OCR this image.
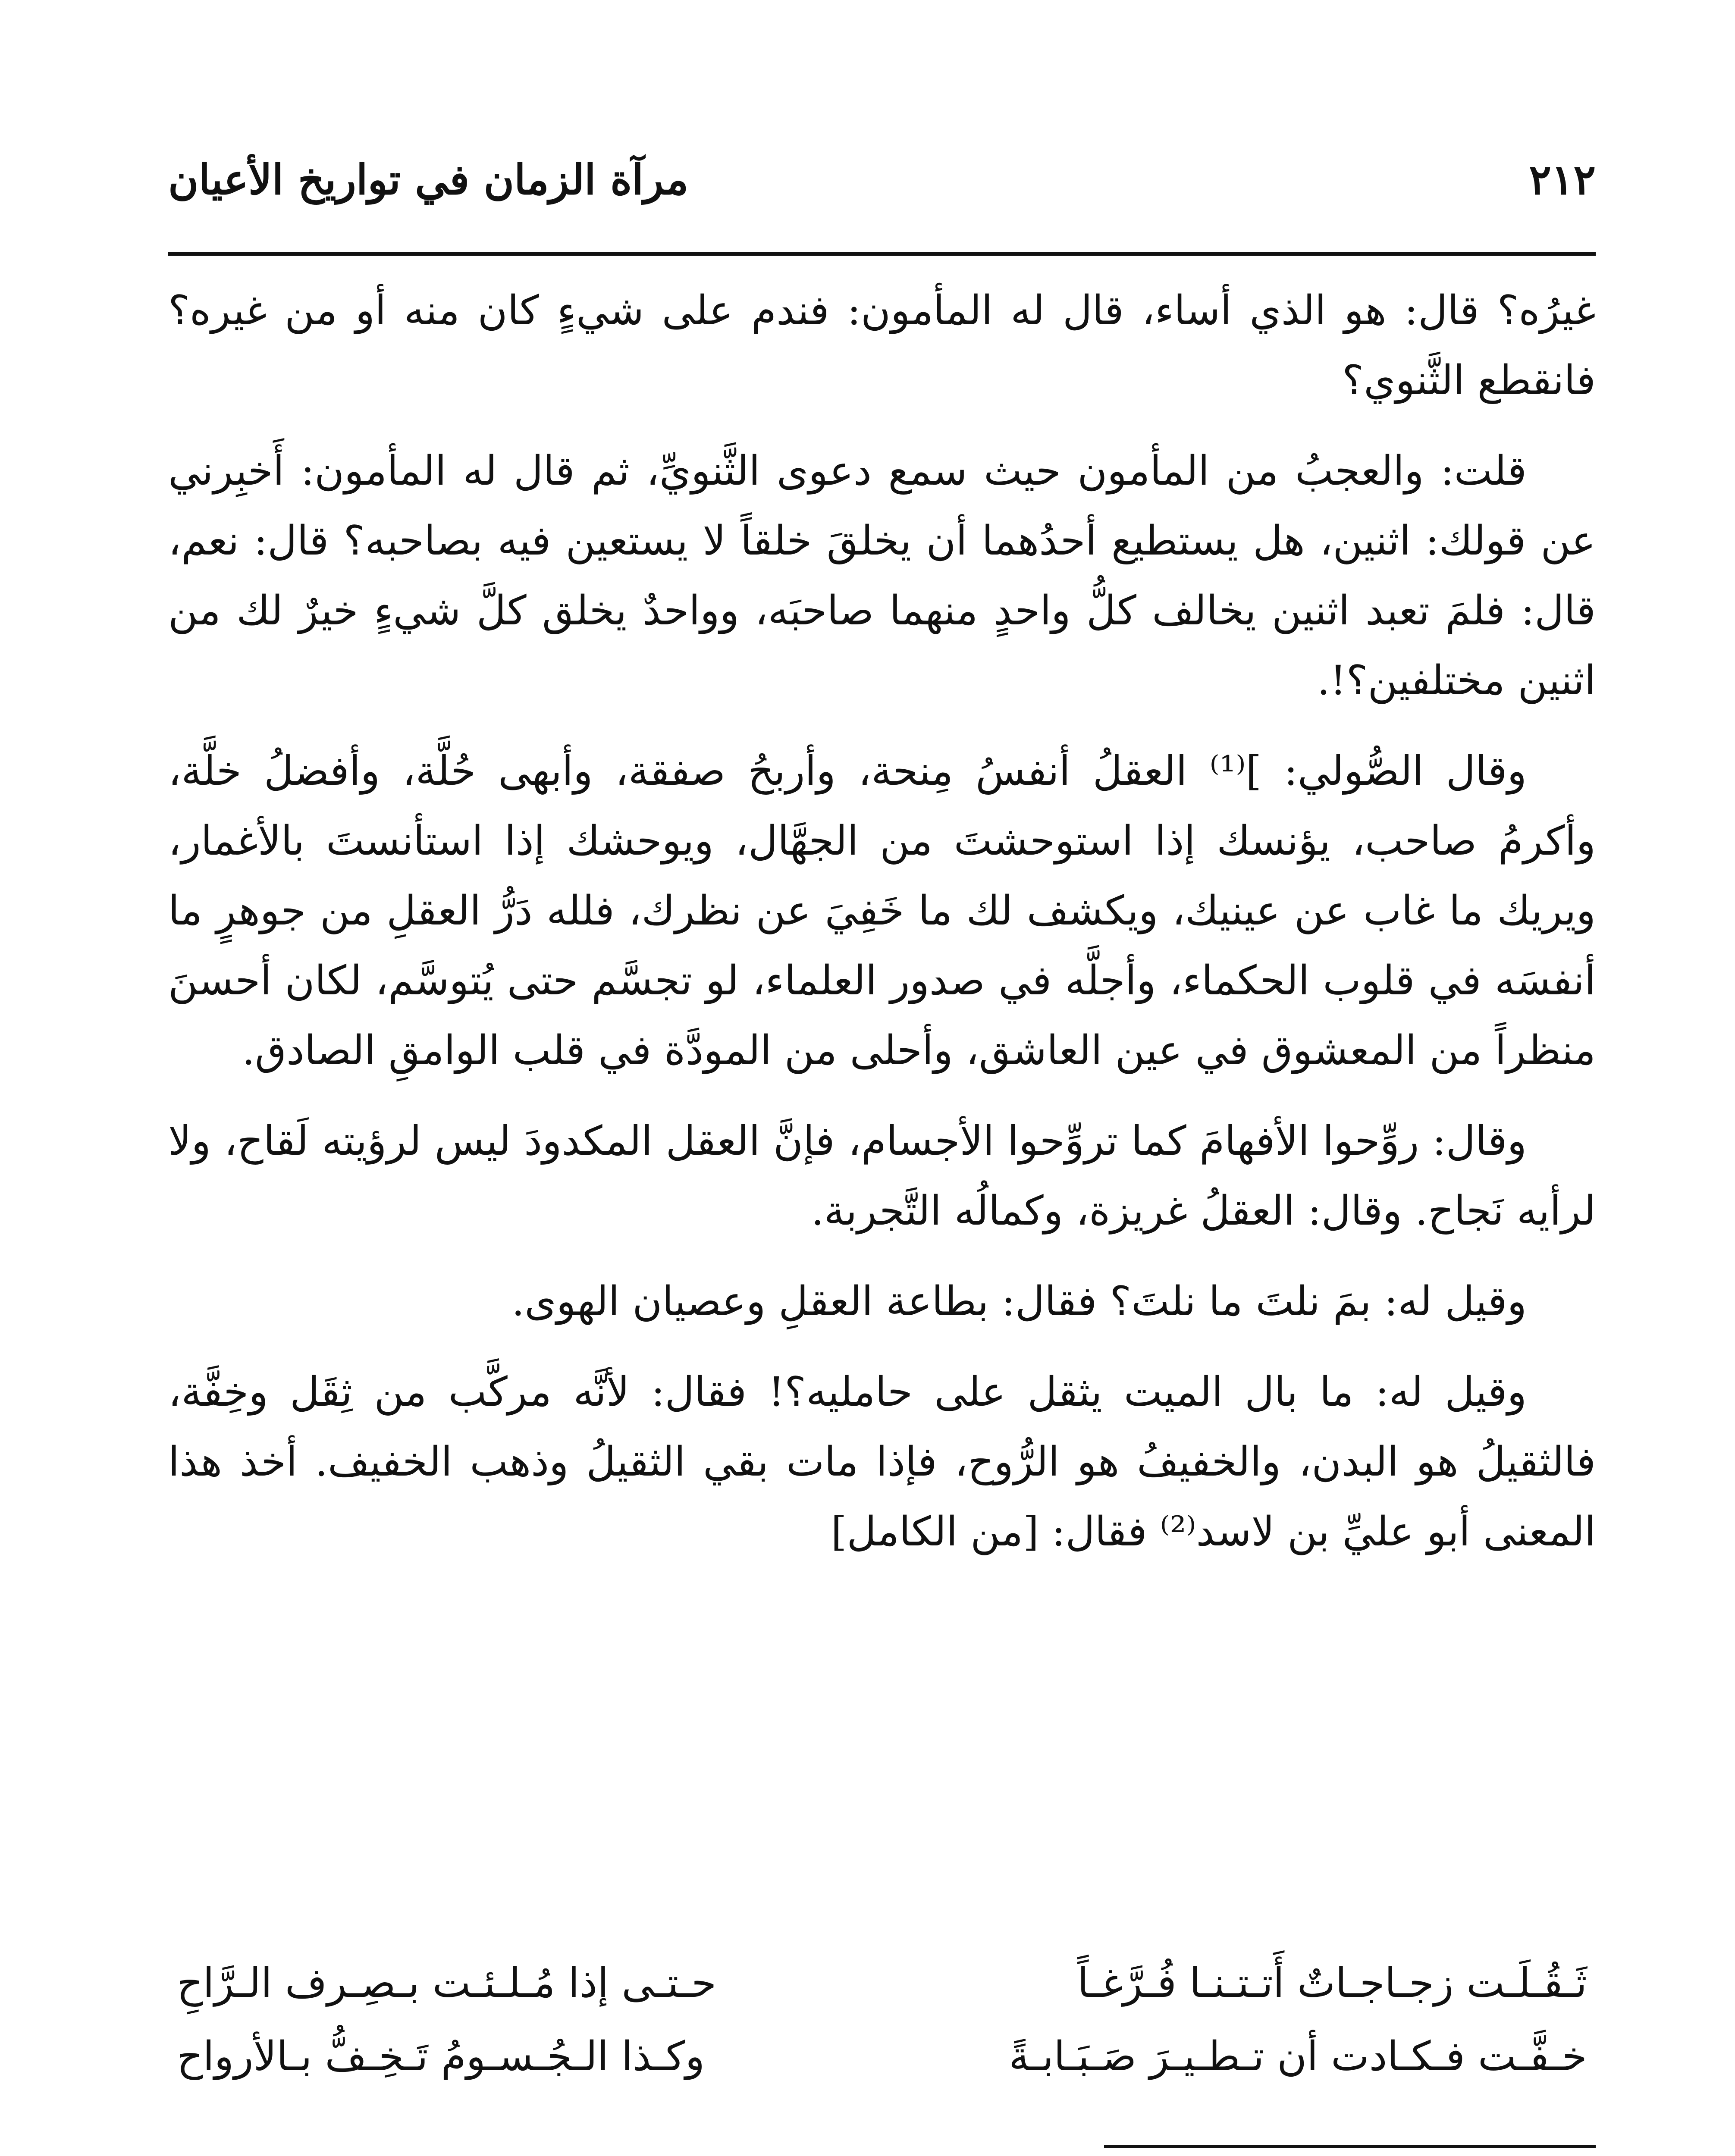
٢١٢
مرآة الزمان في تواريخ الأعيان

غيرُه؟ قال: هو الذي أساء، قال له المأمون: فندم على شيءٍ كان منه أو من غيره؟ فانقطع الثَّنوي؟

قلت: والعجبُ من المأمون حيث سمع دعوى الثَّنويِّ، ثم قال له المأمون: أَخبِرني عن قولك: اثنين، هل يستطيع أحدُهما أن يخلقَ خلقاً لا يستعين فيه بصاحبه؟ قال: نعم، قال: فلمَ تعبد اثنين يخالف كلُّ واحدٍ منهما صاحبَه، وواحدٌ يخلق كلَّ شيءٍ خيرٌ لك من اثنين مختلفين؟!.

وقال الصُّولي: ]⁽¹⁾ العقلُ أنفسُ مِنحة، وأربحُ صفقة، وأبهى حُلَّة، وأفضلُ خلَّة، وأكرمُ صاحب، يؤنسك إذا استوحشتَ من الجهَّال، ويوحشك إذا استأنستَ بالأغمار، ويريك ما غاب عن عينيك، ويكشف لك ما خَفِيَ عن نظرك، فلله دَرُّ العقلِ من جوهرٍ ما أنفسَه في قلوب الحكماء، وأجلَّه في صدور العلماء، لو تجسَّم حتى يُتوسَّم، لكان أحسنَ منظراً من المعشوق في عين العاشق، وأحلى من المودَّة في قلب الوامقِ الصادق.

وقال: روِّحوا الأفهامَ كما تروِّحوا الأجسام، فإنَّ العقل المكدودَ ليس لرؤيته لَقاح، ولا لرأيه نَجاح. وقال: العقلُ غريزة، وكمالُه التَّجربة.

وقيل له: بمَ نلتَ ما نلتَ؟ فقال: بطاعة العقلِ وعصيان الهوى.

وقيل له: ما بال الميت يثقل على حامليه؟! فقال: لأنَّه مركَّب من ثِقَل وخِفَّة، فالثقيلُ هو البدن، والخفيفُ هو الرُّوح، فإذا مات بقي الثقيلُ وذهب الخفيف. أخذ هذا المعنى أبو عليِّ بن لاسد⁽²⁾ فقال: [من الكامل]

ثَـقُـلَـت زجـاجـاتٌ أَتـتـنـا فُـرَّغـاً
حـتـى إذا مُـلـئـت بـصِـرف الـرَّاحِ
خـفَّـت فـكـادت أن تـطـيـرَ صَـبَـابـةً
وكـذا الـجُـسـومُ تَـخِـفُّ بـالأرواح
